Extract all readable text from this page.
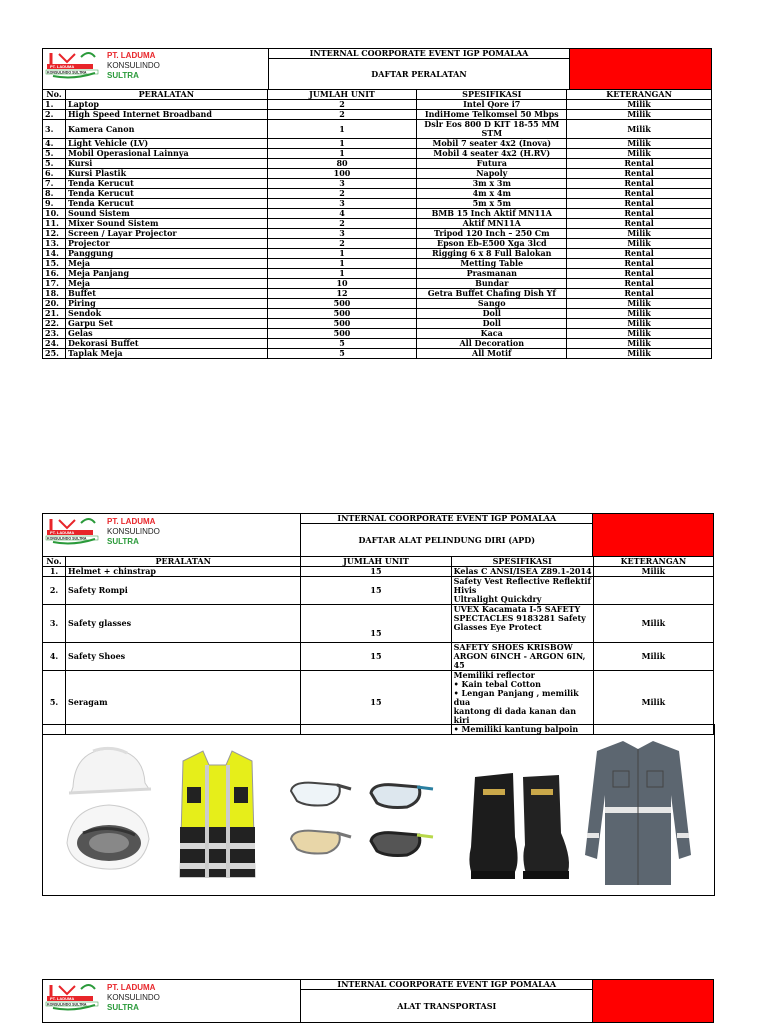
PT. LADUMA
KONSULINDO SULTRA
PT. LADUMA
KONSULINDO
SULTRA
	INTERNAL COORPORATE EVENT IGP POMALAA	
DAFTAR PERALATAN
No.	PERALATAN	JUMLAH UNIT	SPESIFIKASI	KETERANGAN
1.	Laptop	2	Intel Qore i7	Milik
2.	High Speed Internet Broadband	2	IndiHome Telkomsel 50 Mbps	Milik
3.	Kamera Canon	1	Dslr Eos 800 D KIT 18-55 MM STM	Milik
4.	Light Vehicle (LV)	1	Mobil 7 seater 4x2 (Inova)	Milik
5.	Mobil Operasional Lainnya	1	Mobil 4 seater 4x2 (H.RV)	Milik
5.	Kursi	80	Futura	Rental
6.	Kursi Plastik	100	Napoly	Rental
7.	Tenda Kerucut	3	3m x 3m	Rental
8.	Tenda Kerucut	2	4m x 4m	Rental
9.	Tenda Kerucut	3	5m x 5m	Rental
10.	Sound Sistem	4	BMB 15 Inch Aktif MN11A	Rental
11.	Mixer Sound Sistem	2	Aktif MN11A	Rental
12.	Screen / Layar Projector	3	Tripod 120 Inch – 250 Cm	Milik
13.	Projector	2	Epson Eb-E500 Xga 3lcd	Milik
14.	Panggung	1	Rigging 6 x 8 Full Balokan	Rental
15.	Meja	1	Metting Table	Rental
16.	Meja Panjang	1	Prasmanan	Rental
17.	Meja	10	Bundar	Rental
18.	Buffet	12	Getra Buffet Chafing Dish Yf	Rental
20.	Piring	500	Sango	Milik
21.	Sendok	500	Doll	Milik
22.	Garpu Set	500	Doll	Milik
23.	Gelas	500	Kaca	Milik
24.	Dekorasi Buffet	5	All Decoration	Milik
25.	Taplak Meja	5	All Motif	Milik
PT. LADUMA
KONSULINDO SULTRA
PT. LADUMA
KONSULINDO
SULTRA
	INTERNAL COORPORATE EVENT IGP POMALAA	
DAFTAR ALAT PELINDUNG DIRI (APD)
No.	PERALATAN	JUMLAH UNIT	SPESIFIKASI	KETERANGAN
1.	Helmet + chinstrap	15	Kelas C ANSI/ISEA Z89.1-2014	Milik
2.	Safety Rompi	15	Safety Vest Reflective Reflektif Hivis
Ultralight Quickdry	

3.	Safety glasses	15	UVEX Kacamata I-5 SAFETY
SPECTACLES 9183281 Safety
Glasses Eye Protect	Milik
4.	Safety Shoes	15	SAFETY SHOES KRISBOW
ARGON 6INCH - ARGON 6IN, 45	Milik
5.	Seragam	15	Memiliki reflector
• Kain tebal Cotton
• Lengan Panjang , memilik dua
kantong di dada kanan dan kiri
• Memiliki kantung balpoin	Milik
PT. LADUMA
KONSULINDO SULTRA
PT. LADUMA
KONSULINDO
SULTRA
	INTERNAL COORPORATE EVENT IGP POMALAA	
ALAT TRANSPORTASI
